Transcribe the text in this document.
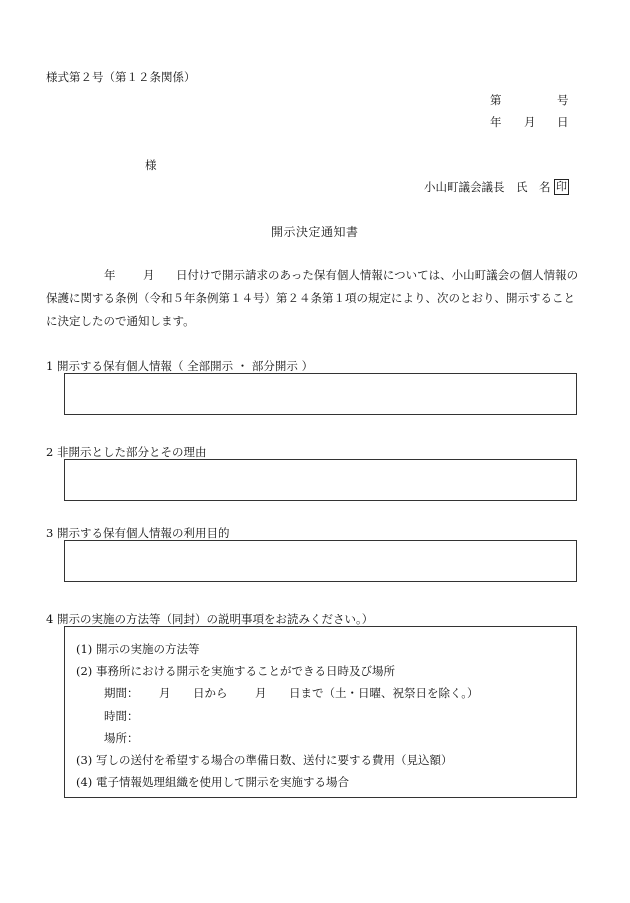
様式第２号（第１２条関係）
第	号
年 月 日
様
小山町議会議長　氏　名 印
開示決定通知書
年 月 日付けで開示請求のあった保有個人情報については、小山町議会の個人情報の
保護に関する条例（令和５年条例第１４号）第２４条第１項の規定により、次のとおり、開示すること
に決定したので通知します。
1 開示する保有個人情報（ 全部開示 ・ 部分開示 ）
2 非開示とした部分とその理由
3 開示する保有個人情報の利用目的
4 開示の実施の方法等（同封）の説明事項をお読みください。）
(1) 開示の実施の方法等
(2) 事務所における開示を実施することができる日時及び場所
期間： 月 日から 月 日まで（土・日曜、祝祭日を除く。）
時間：
場所：
(3) 写しの送付を希望する場合の準備日数、送付に要する費用（見込額）
(4) 電子情報処理組織を使用して開示を実施する場合
